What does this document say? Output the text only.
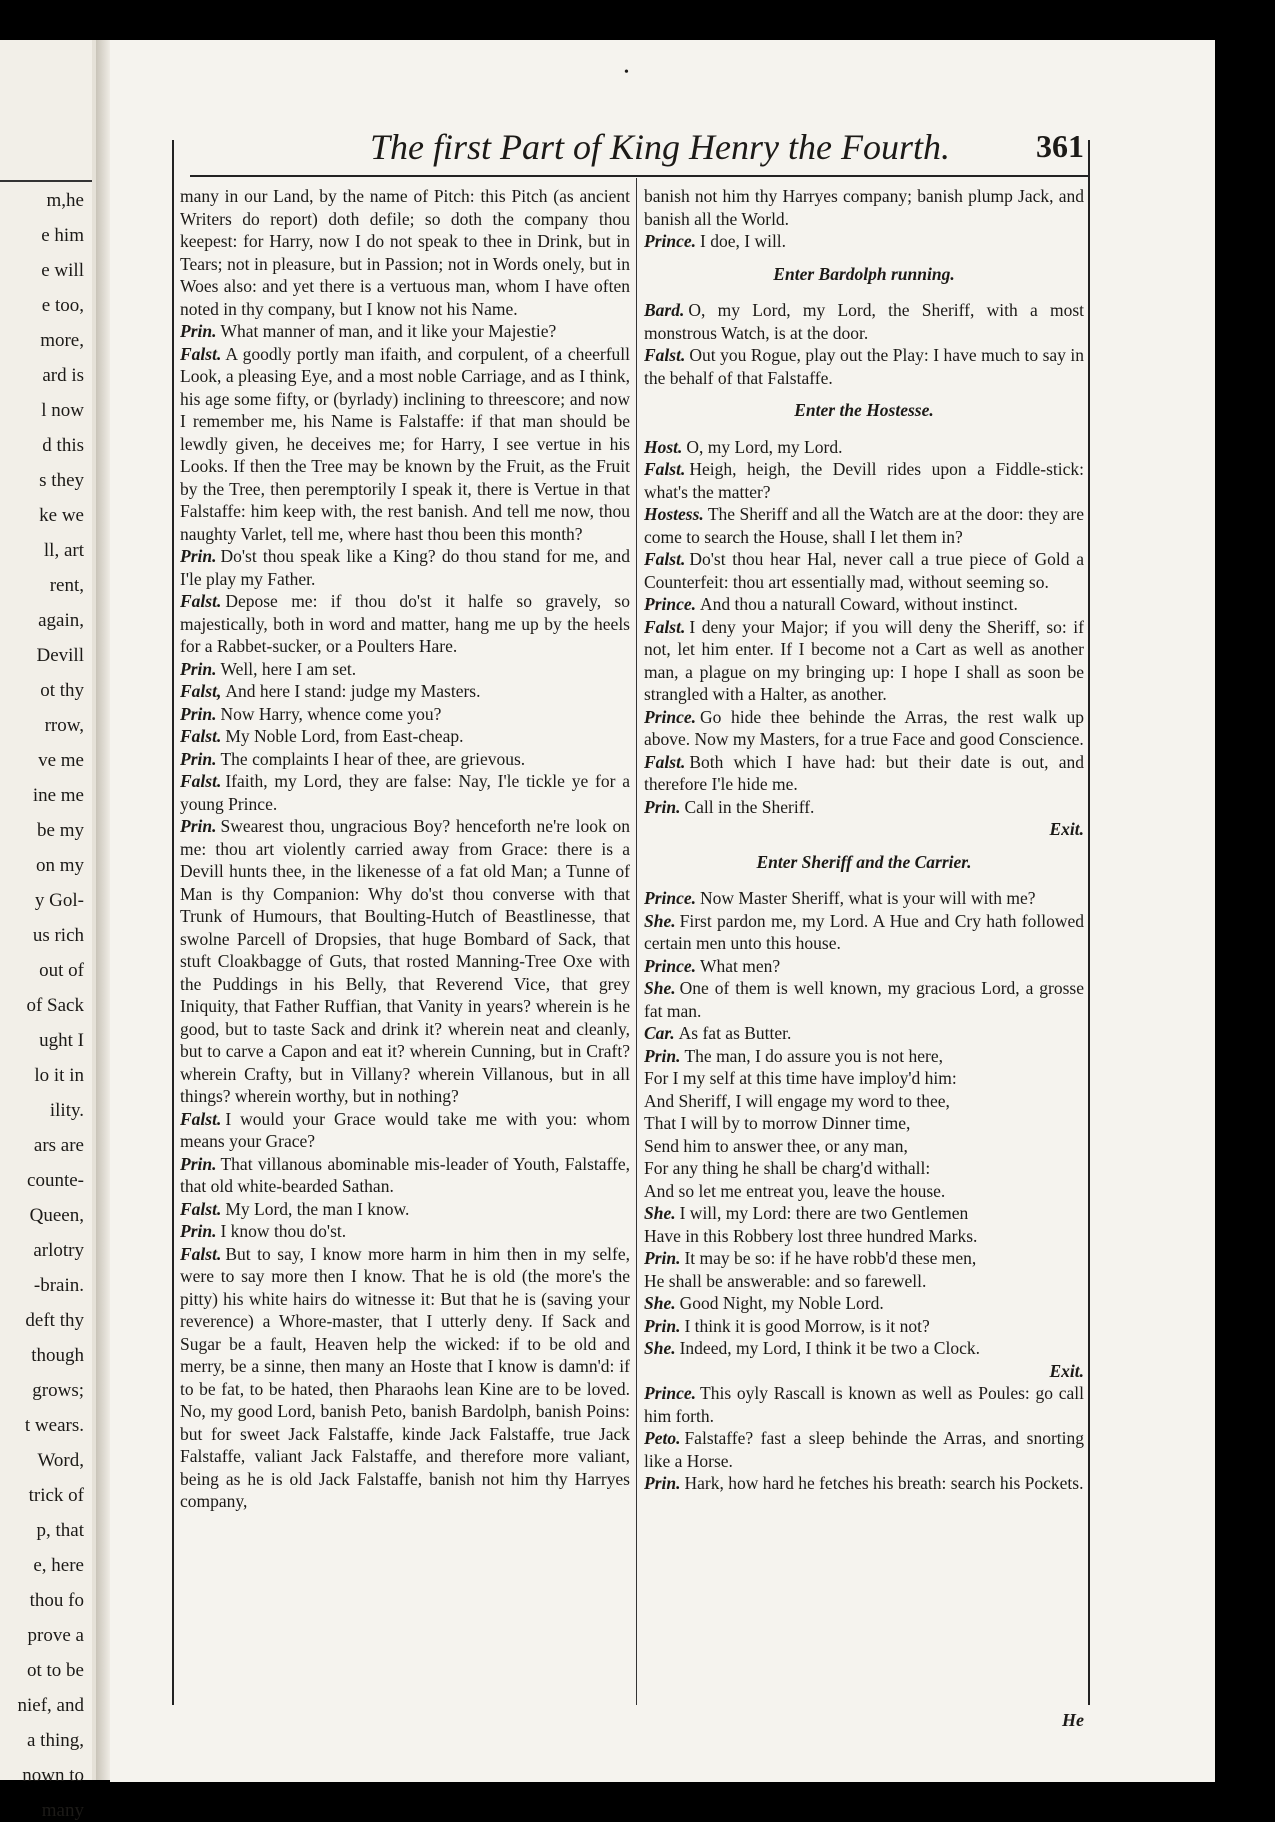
m,he
e him
e will
e too,
more,
ard is
l now
d this
s they
ke we
ll, art
rent,
again,
Devill
ot thy
rrow,
ve me
ine me
be my
on my
y Gol-
us rich
out of
of Sack
ught I
lo it in
ility.
ars are
counte-
Queen,
arlotry
-brain.
deft thy
though
grows;
t wears.
Word,
trick of
p, that
e, here
thou fo
prove a
ot to be
nief, and
a thing,
nown to
many
•
The first Part of King Henry the Fourth.	361
many in our Land, by the name of Pitch: this Pitch (as ancient Writers do report) doth defile; so doth the company thou keepest: for Harry, now I do not speak to thee in Drink, but in Tears; not in pleasure, but in Passion; not in Words onely, but in Woes also: and yet there is a vertuous man, whom I have often noted in thy company, but I know not his Name.
Prin. What manner of man, and it like your Majestie?
Falst. A goodly portly man ifaith, and corpulent, of a cheerfull Look, a pleasing Eye, and a most noble Carriage, and as I think, his age some fifty, or (byrlady) inclining to threescore; and now I remember me, his Name is Falstaffe: if that man should be lewdly given, he deceives me; for Harry, I see vertue in his Looks. If then the Tree may be known by the Fruit, as the Fruit by the Tree, then peremptorily I speak it, there is Vertue in that Falstaffe: him keep with, the rest banish. And tell me now, thou naughty Varlet, tell me, where hast thou been this month?
Prin. Do'st thou speak like a King? do thou stand for me, and I'le play my Father.
Falst. Depose me: if thou do'st it halfe so gravely, so majestically, both in word and matter, hang me up by the heels for a Rabbet-sucker, or a Poulters Hare.
Prin. Well, here I am set.
Falst, And here I stand: judge my Masters.
Prin. Now Harry, whence come you?
Falst. My Noble Lord, from East-cheap.
Prin. The complaints I hear of thee, are grievous.
Falst. Ifaith, my Lord, they are false: Nay, I'le tickle ye for a young Prince.
Prin. Swearest thou, ungracious Boy? henceforth ne're look on me: thou art violently carried away from Grace: there is a Devill hunts thee, in the likenesse of a fat old Man; a Tunne of Man is thy Companion: Why do'st thou converse with that Trunk of Humours, that Boulting-Hutch of Beastlinesse, that swolne Parcell of Dropsies, that huge Bombard of Sack, that stuft Cloakbagge of Guts, that rosted Manning-Tree Oxe with the Puddings in his Belly, that Reverend Vice, that grey Iniquity, that Father Ruffian, that Vanity in years? wherein is he good, but to taste Sack and drink it? wherein neat and cleanly, but to carve a Capon and eat it? wherein Cunning, but in Craft? wherein Crafty, but in Villany? wherein Villanous, but in all things? wherein worthy, but in nothing?
Falst. I would your Grace would take me with you: whom means your Grace?
Prin. That villanous abominable mis-leader of Youth, Falstaffe, that old white-bearded Sathan.
Falst. My Lord, the man I know.
Prin. I know thou do'st.
Falst. But to say, I know more harm in him then in my selfe, were to say more then I know. That he is old (the more's the pitty) his white hairs do witnesse it: But that he is (saving your reverence) a Whore-master, that I utterly deny. If Sack and Sugar be a fault, Heaven help the wicked: if to be old and merry, be a sinne, then many an Hoste that I know is damn'd: if to be fat, to be hated, then Pharaohs lean Kine are to be loved. No, my good Lord, banish Peto, banish Bardolph, banish Poins: but for sweet Jack Falstaffe, kinde Jack Falstaffe, true Jack Falstaffe, valiant Jack Falstaffe, and therefore more valiant, being as he is old Jack Falstaffe, banish not him thy Harryes company,
banish not him thy Harryes company; banish plump Jack, and banish all the World.
Prince. I doe, I will.
Enter Bardolph running.
Bard. O, my Lord, my Lord, the Sheriff, with a most monstrous Watch, is at the door.
Falst. Out you Rogue, play out the Play: I have much to say in the behalf of that Falstaffe.
Enter the Hostesse.
Host. O, my Lord, my Lord.
Falst. Heigh, heigh, the Devill rides upon a Fiddle-stick: what's the matter?
Hostess. The Sheriff and all the Watch are at the door: they are come to search the House, shall I let them in?
Falst. Do'st thou hear Hal, never call a true piece of Gold a Counterfeit: thou art essentially mad, without seeming so.
Prince. And thou a naturall Coward, without instinct.
Falst. I deny your Major; if you will deny the Sheriff, so: if not, let him enter. If I become not a Cart as well as another man, a plague on my bringing up: I hope I shall as soon be strangled with a Halter, as another.
Prince. Go hide thee behinde the Arras, the rest walk up above. Now my Masters, for a true Face and good Conscience.
Falst. Both which I have had: but their date is out, and therefore I'le hide me.
Prin. Call in the Sheriff.
Exit.
Enter Sheriff and the Carrier.
Prince. Now Master Sheriff, what is your will with me?
She. First pardon me, my Lord. A Hue and Cry hath followed certain men unto this house.
Prince. What men?
She. One of them is well known, my gracious Lord, a grosse fat man.
Car. As fat as Butter.
Prin. The man, I do assure you is not here,
For I my self at this time have imploy'd him:
And Sheriff, I will engage my word to thee,
That I will by to morrow Dinner time,
Send him to answer thee, or any man,
For any thing he shall be charg'd withall:
And so let me entreat you, leave the house.
She. I will, my Lord: there are two Gentlemen
Have in this Robbery lost three hundred Marks.
Prin. It may be so: if he have robb'd these men,
He shall be answerable: and so farewell.
She. Good Night, my Noble Lord.
Prin. I think it is good Morrow, is it not?
She. Indeed, my Lord, I think it be two a Clock.
Exit.
Prince. This oyly Rascall is known as well as Poules: go call him forth.
Peto. Falstaffe? fast a sleep behinde the Arras, and snorting like a Horse.
Prin. Hark, how hard he fetches his breath: search his Pockets.
He
